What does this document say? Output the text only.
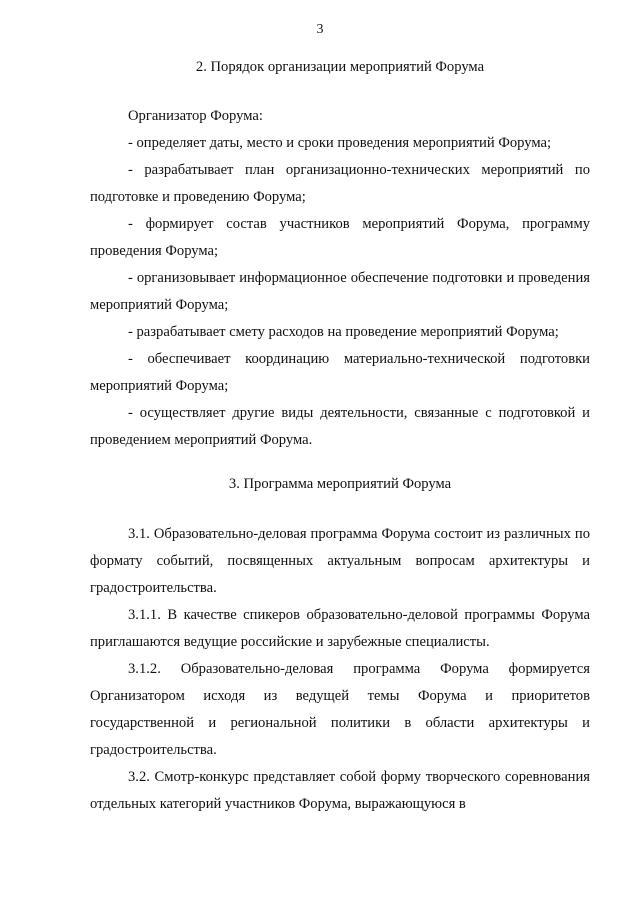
3
2. Порядок организации мероприятий Форума

Организатор Форума:

- определяет даты, место и сроки проведения мероприятий Форума;

- разрабатывает план организационно-технических мероприятий по подготовке и проведению Форума;

- формирует состав участников мероприятий Форума, программу проведения Форума;

- организовывает информационное обеспечение подготовки и проведения мероприятий Форума;

- разрабатывает смету расходов на проведение мероприятий Форума;

- обеспечивает координацию материально-технической подготовки мероприятий Форума;

- осуществляет другие виды деятельности, связанные с подготовкой и проведением мероприятий Форума.

3. Программа мероприятий Форума

3.1. Образовательно-деловая программа Форума состоит из различных по формату событий, посвященных актуальным вопросам архитектуры и градостроительства.

3.1.1. В качестве спикеров образовательно-деловой программы Форума приглашаются ведущие российские и зарубежные специалисты.

3.1.2. Образовательно-деловая программа Форума формируется Организатором исходя из ведущей темы Форума и приоритетов государственной и региональной политики в области архитектуры и градостроительства.

3.2. Смотр-конкурс представляет собой форму творческого соревнования отдельных категорий участников Форума, выражающуюся в
